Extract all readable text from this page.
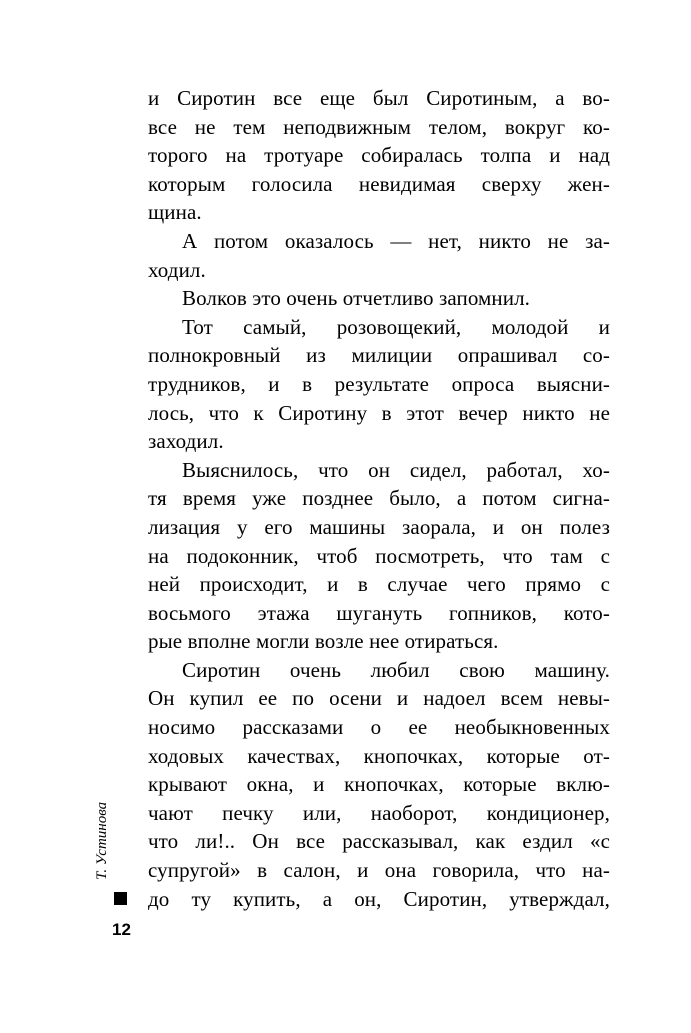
Т. Устинова
12
и Сиротин все еще был Сиротиным, а во-
все не тем неподвижным телом, вокруг ко-
торого на тротуаре собиралась толпа и над
которым голосила невидимая сверху жен-
щина.
А потом оказалось — нет, никто не за-
ходил.
Волков это очень отчетливо запомнил.
Тот самый, розовощекий, молодой и
полнокровный из милиции опрашивал со-
трудников, и в результате опроса выясни-
лось, что к Сиротину в этот вечер никто не
заходил.
Выяснилось, что он сидел, работал, хо-
тя время уже позднее было, а потом сигна-
лизация у его машины заорала, и он полез
на подоконник, чтоб посмотреть, что там с
ней происходит, и в случае чего прямо с
восьмого этажа шугануть гопников, кото-
рые вполне могли возле нее отираться.
Сиротин очень любил свою машину.
Он купил ее по осени и надоел всем невы-
носимо рассказами о ее необыкновенных
ходовых качествах, кнопочках, которые от-
крывают окна, и кнопочках, которые вклю-
чают печку или, наоборот, кондиционер,
что ли!.. Он все рассказывал, как ездил «с
супругой» в салон, и она говорила, что на-
до ту купить, а он, Сиротин, утверждал,
